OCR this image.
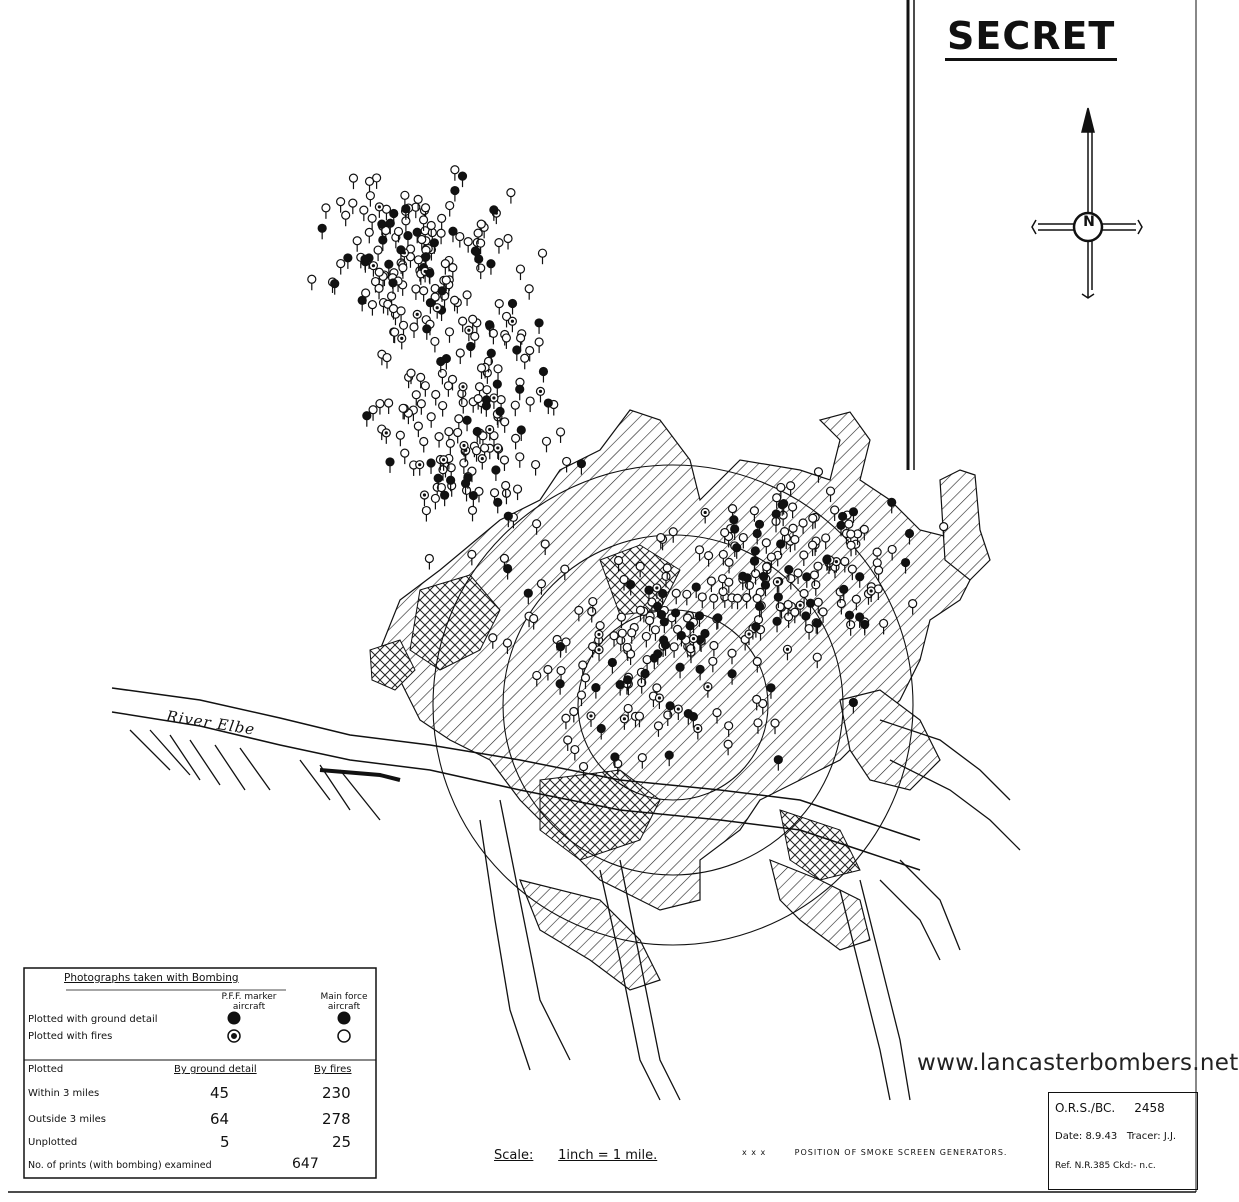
SECRET
N
River Elbe
Photographs taken with Bombing
P.F.F. marker aircraft
Main force aircraft
Plotted with ground detail
Plotted with fires
Plotted	By ground detail	By fires
Within 3 miles	45	230
Outside 3 miles	64	278
Unplotted	5	25
No. of prints (with bombing) examined	647
Scale: 1inch = 1 mile.	x x x	POSITION OF SMOKE SCREEN GENERATORS.
www.lancasterbombers.net
O.R.S./BC. 2458
Date: 8.9.43 Tracer: J.J.
Ref. N.R.385 Ckd:- n.c.
